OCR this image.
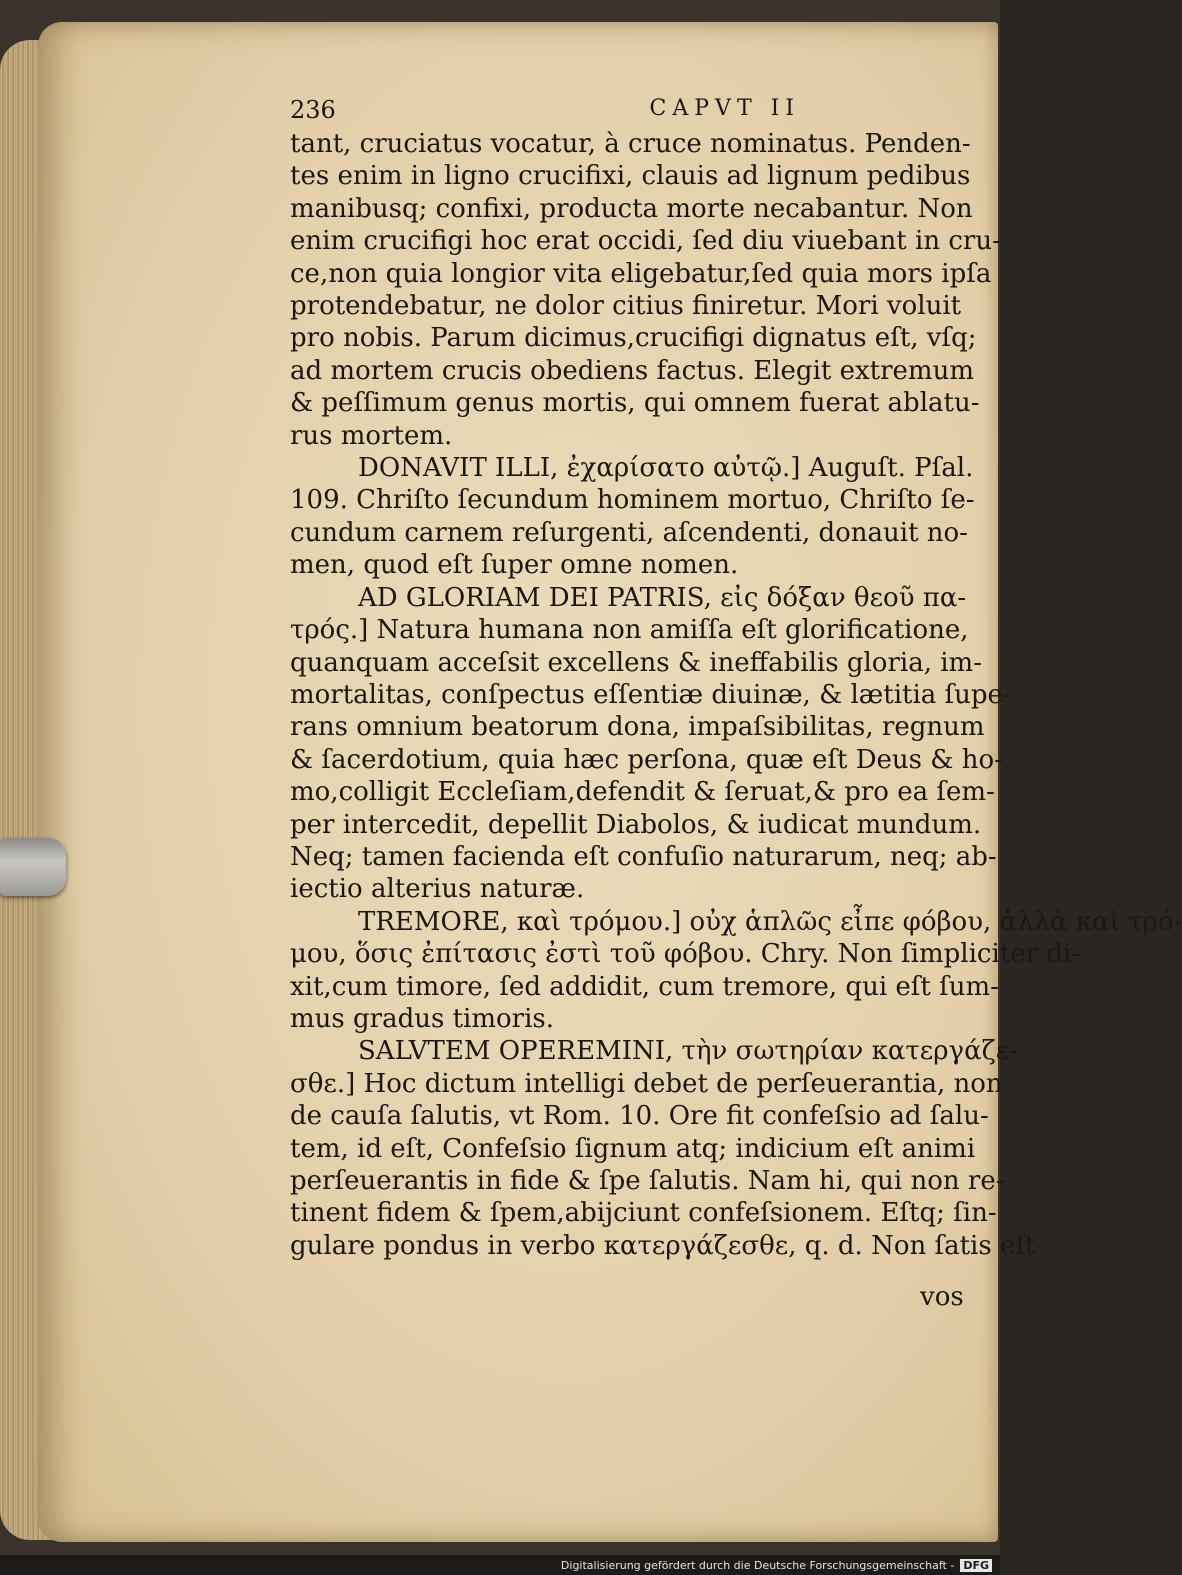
236	CAPVT II
tant, cruciatus vocatur, à cruce nominatus. Penden-
tes enim in ligno crucifixi, clauis ad lignum pedibus
manibusq; confixi, producta morte necabantur. Non
enim crucifigi hoc erat occidi, ſed diu viuebant in cru-
ce,non quia longior vita eligebatur,ſed quia mors ipſa
protendebatur, ne dolor citius finiretur. Mori voluit
pro nobis. Parum dicimus,crucifigi dignatus eſt, vſq;
ad mortem crucis obediens factus. Elegit extremum
& peſſimum genus mortis, qui omnem fuerat ablatu-
rus mortem.
DONAVIT ILLI, ἐχαρίσατο αὐτῷ.] Auguſt. Pſal.
109. Chriſto ſecundum hominem mortuo, Chriſto ſe-
cundum carnem reſurgenti, aſcendenti, donauit no-
men, quod eſt ſuper omne nomen.
AD GLORIAM DEI PATRIS, εἰς δόξαν θεοῦ πα-
τρός.] Natura humana non amiſſa eſt glorificatione,
quanquam acceſsit excellens & ineffabilis gloria, im-
mortalitas, conſpectus eſſentiæ diuinæ, & lætitia ſupe-
rans omnium beatorum dona, impaſsibilitas, regnum
& ſacerdotium, quia hæc perſona, quæ eſt Deus & ho-
mo,colligit Eccleſiam,defendit & ſeruat,& pro ea ſem-
per intercedit, depellit Diabolos, & iudicat mundum.
Neq; tamen facienda eſt confuſio naturarum, neq; ab-
iectio alterius naturæ.
TREMORE, καὶ τρόμου.] οὐχ ἁπλῶς εἶπε φόβου, ἀλλὰ καὶ τρό-
μου, ὅσις ἐπίτασις ἐστὶ τοῦ φόβου. Chry. Non ſimpliciter di-
xit,cum timore, ſed addidit, cum tremore, qui eſt ſum-
mus gradus timoris.
SALVTEM OPEREMINI, τὴν σωτηρίαν κατεργάζε-
σθε.] Hoc dictum intelligi debet de perſeuerantia, non
de cauſa ſalutis, vt Rom. 10. Ore fit confeſsio ad ſalu-
tem, id eſt, Confeſsio ſignum atq; indicium eſt animi
perſeuerantis in fide & ſpe ſalutis. Nam hi, qui non re-
tinent fidem & ſpem,abijciunt confeſsionem. Eſtq; ſin-
gulare pondus in verbo κατεργάζεσθε, q. d. Non ſatis eſt
vos
Digitalisierung gefördert durch die Deutsche Forschungsgemeinschaft - DFG
